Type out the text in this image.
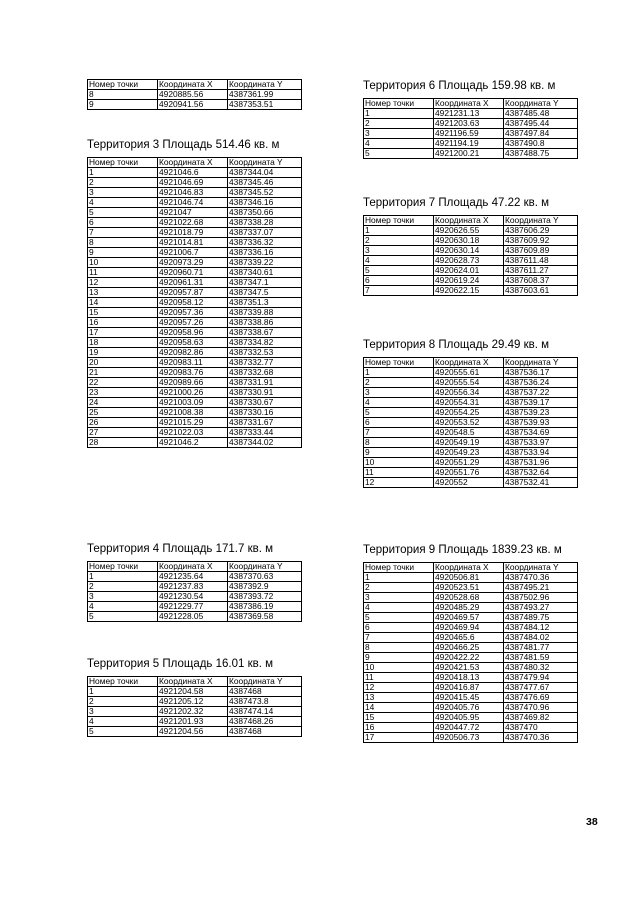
Номер точки	Координата X	Координата Y
8	4920885.56	4387361.99
9	4920941.56	4387353.51

Территория 3 Площадь 514.46 кв. м

Номер точки	Координата X	Координата Y
1	4921046.6	4387344.04
2	4921046.69	4387345.46
3	4921046.83	4387345.52
4	4921046.74	4387346.16
5	4921047	4387350.66
6	4921022.68	4387338.28
7	4921018.79	4387337.07
8	4921014.81	4387336.32
9	4921006.7	4387336.16
10	4920973.29	4387339.22
11	4920960.71	4387340.61
12	4920961.31	4387347.1
13	4920957.87	4387347.5
14	4920958.12	4387351.3
15	4920957.36	4387339.88
16	4920957.26	4387338.86
17	4920958.96	4387338.67
18	4920958.63	4387334.82
19	4920982.86	4387332.53
20	4920983.11	4387332.77
21	4920983.76	4387332.68
22	4920989.66	4387331.91
23	4921000.26	4387330.91
24	4921003.09	4387330.67
25	4921008.38	4387330.16
26	4921015.29	4387331.67
27	4921022.03	4387333.44
28	4921046.2	4387344.02

Территория 4 Площадь 171.7 кв. м

Номер точки	Координата X	Координата Y
1	4921235.64	4387370.63
2	4921237.83	4387392.9
3	4921230.54	4387393.72
4	4921229.77	4387386.19
5	4921228.05	4387369.58

Территория 5 Площадь 16.01 кв. м

Номер точки	Координата X	Координата Y
1	4921204.58	4387468
2	4921205.12	4387473.8
3	4921202.32	4387474.14
4	4921201.93	4387468.26
5	4921204.56	4387468

Территория 6 Площадь 159.98 кв. м

Номер точки	Координата X	Координата Y
1	4921231.13	4387485.48
2	4921203.63	4387495.44
3	4921196.59	4387497.84
4	4921194.19	4387490.8
5	4921200.21	4387488.75

Территория 7 Площадь 47.22 кв. м

Номер точки	Координата X	Координата Y
1	4920626.55	4387606.29
2	4920630.18	4387609.92
3	4920630.14	4387609.89
4	4920628.73	4387611.48
5	4920624.01	4387611.27
6	4920619.24	4387608.37
7	4920622.15	4387603.61

Территория 8 Площадь 29.49 кв. м

Номер точки	Координата X	Координата Y
1	4920555.61	4387536.17
2	4920555.54	4387536.24
3	4920556.34	4387537.22
4	4920554.31	4387539.17
5	4920554.25	4387539.23
6	4920553.52	4387539.93
7	4920548.5	4387534.69
8	4920549.19	4387533.97
9	4920549.23	4387533.94
10	4920551.29	4387531.96
11	4920551.76	4387532.64
12	4920552	4387532.41

Территория 9 Площадь 1839.23 кв. м

Номер точки	Координата X	Координата Y
1	4920506.81	4387470.36
2	4920523.51	4387495.21
3	4920528.68	4387502.96
4	4920485.29	4387493.27
5	4920469.57	4387489.75
6	4920469.94	4387484.12
7	4920465.6	4387484.02
8	4920466.25	4387481.77
9	4920422.22	4387481.59
10	4920421.53	4387480.32
11	4920418.13	4387479.94
12	4920416.87	4387477.67
13	4920415.45	4387476.69
14	4920405.76	4387470.96
15	4920405.95	4387469.82
16	4920447.72	4387470
17	4920506.73	4387470.36
38
